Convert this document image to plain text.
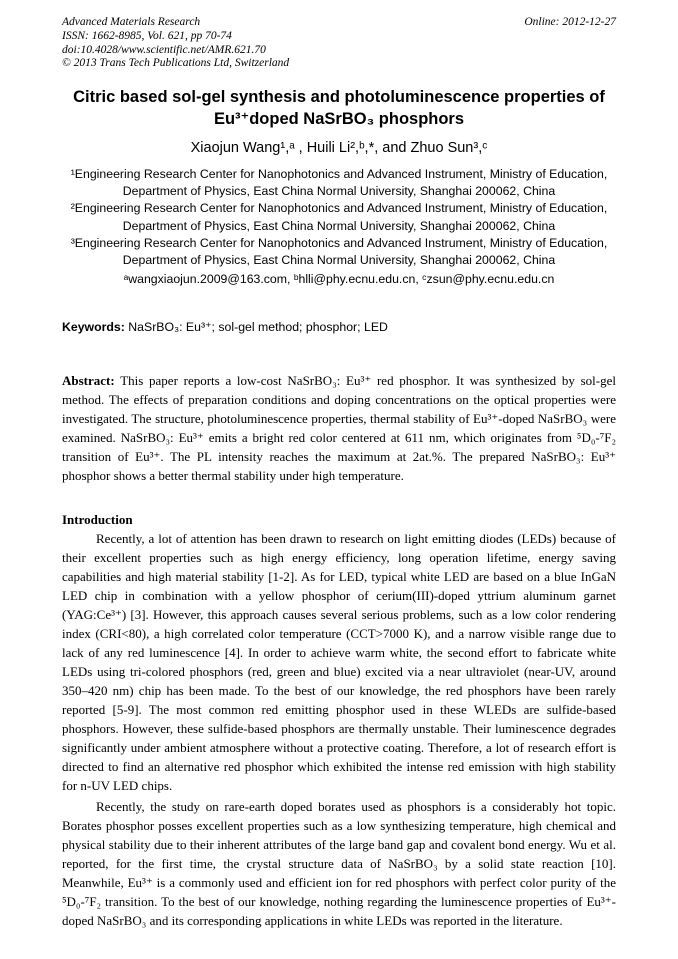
Advanced Materials Research	Online: 2012-12-27
ISSN: 1662-8985, Vol. 621, pp 70-74
doi:10.4028/www.scientific.net/AMR.621.70
© 2013 Trans Tech Publications Ltd, Switzerland
Citric based sol-gel synthesis and photoluminescence properties of
Eu³⁺doped NaSrBO₃ phosphors
Xiaojun Wang¹,ᵃ , Huili Li²,ᵇ,*, and Zhuo Sun³,ᶜ
¹Engineering Research Center for Nanophotonics and Advanced Instrument, Ministry of Education,
Department of Physics, East China Normal University, Shanghai 200062, China
²Engineering Research Center for Nanophotonics and Advanced Instrument, Ministry of Education,
Department of Physics, East China Normal University, Shanghai 200062, China
³Engineering Research Center for Nanophotonics and Advanced Instrument, Ministry of Education,
Department of Physics, East China Normal University, Shanghai 200062, China
ᵃwangxiaojun.2009@163.com, ᵇhlli@phy.ecnu.edu.cn, ᶜzsun@phy.ecnu.edu.cn
Keywords: NaSrBO₃: Eu³⁺; sol-gel method; phosphor; LED

Abstract: This paper reports a low-cost NaSrBO₃: Eu³⁺ red phosphor. It was synthesized by sol-gel method. The effects of preparation conditions and doping concentrations on the optical properties were investigated. The structure, photoluminescence properties, thermal stability of Eu³⁺-doped NaSrBO₃ were examined. NaSrBO₃: Eu³⁺ emits a bright red color centered at 611 nm, which originates from ⁵D₀-⁷F₂ transition of Eu³⁺. The PL intensity reaches the maximum at 2at.%. The prepared NaSrBO₃: Eu³⁺ phosphor shows a better thermal stability under high temperature.

Introduction

Recently, a lot of attention has been drawn to research on light emitting diodes (LEDs) because of their excellent properties such as high energy efficiency, long operation lifetime, energy saving capabilities and high material stability [1-2]. As for LED, typical white LED are based on a blue InGaN LED chip in combination with a yellow phosphor of cerium(III)-doped yttrium aluminum garnet (YAG:Ce³⁺) [3]. However, this approach causes several serious problems, such as a low color rendering index (CRI<80), a high correlated color temperature (CCT>7000 K), and a narrow visible range due to lack of any red luminescence [4]. In order to achieve warm white, the second effort to fabricate white LEDs using tri-colored phosphors (red, green and blue) excited via a near ultraviolet (near-UV, around 350–420 nm) chip has been made. To the best of our knowledge, the red phosphors have been rarely reported [5-9]. The most common red emitting phosphor used in these WLEDs are sulfide-based phosphors. However, these sulfide-based phosphors are thermally unstable. Their luminescence degrades significantly under ambient atmosphere without a protective coating. Therefore, a lot of research effort is directed to find an alternative red phosphor which exhibited the intense red emission with high stability for n-UV LED chips.

Recently, the study on rare-earth doped borates used as phosphors is a considerably hot topic. Borates phosphor posses excellent properties such as a low synthesizing temperature, high chemical and physical stability due to their inherent attributes of the large band gap and covalent bond energy. Wu et al. reported, for the first time, the crystal structure data of NaSrBO₃ by a solid state reaction [10]. Meanwhile, Eu³⁺ is a commonly used and efficient ion for red phosphors with perfect color purity of the ⁵D₀-⁷F₂ transition. To the best of our knowledge, nothing regarding the luminescence properties of Eu³⁺-doped NaSrBO₃ and its corresponding applications in white LEDs was reported in the literature.
